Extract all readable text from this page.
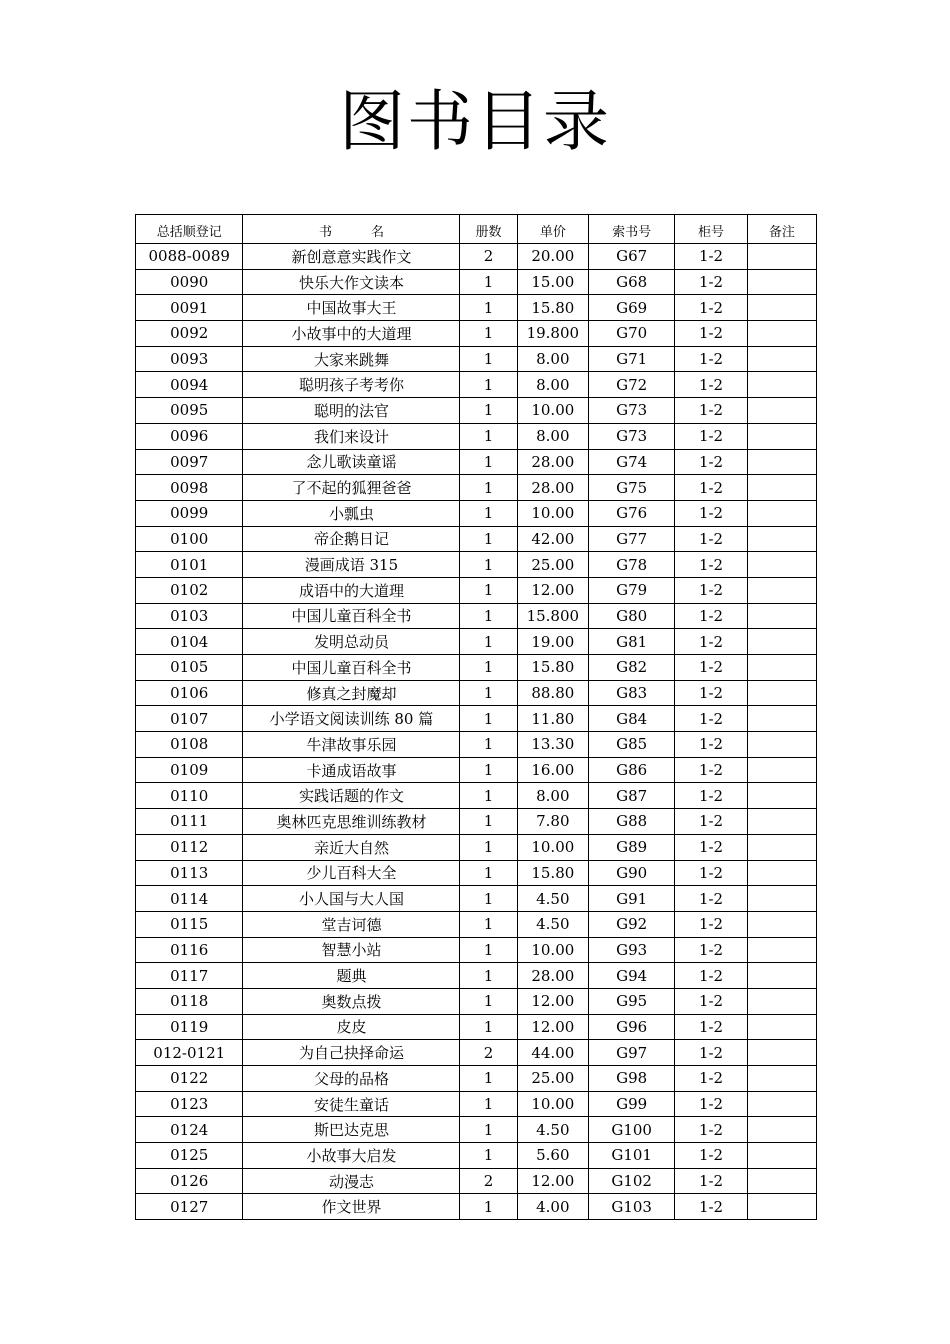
图书目录
总括顺登记	书　　　名	册数	单价	索书号	柜号	备注
0088-0089	新创意意实践作文	2	20.00	G67	1-2	
0090	快乐大作文读本	1	15.00	G68	1-2	
0091	中国故事大王	1	15.80	G69	1-2	
0092	小故事中的大道理	1	19.800	G70	1-2	
0093	大家来跳舞	1	8.00	G71	1-2	
0094	聪明孩子考考你	1	8.00	G72	1-2	
0095	聪明的法官	1	10.00	G73	1-2	
0096	我们来设计	1	8.00	G73	1-2	
0097	念儿歌读童谣	1	28.00	G74	1-2	
0098	了不起的狐狸爸爸	1	28.00	G75	1-2	
0099	小瓢虫	1	10.00	G76	1-2	
0100	帝企鹅日记	1	42.00	G77	1-2	
0101	漫画成语 315	1	25.00	G78	1-2	
0102	成语中的大道理	1	12.00	G79	1-2	
0103	中国儿童百科全书	1	15.800	G80	1-2	
0104	发明总动员	1	19.00	G81	1-2	
0105	中国儿童百科全书	1	15.80	G82	1-2	
0106	修真之封魔却	1	88.80	G83	1-2	
0107	小学语文阅读训练 80 篇	1	11.80	G84	1-2	
0108	牛津故事乐园	1	13.30	G85	1-2	
0109	卡通成语故事	1	16.00	G86	1-2	
0110	实践话题的作文	1	8.00	G87	1-2	
0111	奥林匹克思维训练教材	1	7.80	G88	1-2	
0112	亲近大自然	1	10.00	G89	1-2	
0113	少儿百科大全	1	15.80	G90	1-2	
0114	小人国与大人国	1	4.50	G91	1-2	
0115	堂吉诃德	1	4.50	G92	1-2	
0116	智慧小站	1	10.00	G93	1-2	
0117	题典	1	28.00	G94	1-2	
0118	奥数点拨	1	12.00	G95	1-2	
0119	皮皮	1	12.00	G96	1-2	
012-0121	为自己抉择命运	2	44.00	G97	1-2	
0122	父母的品格	1	25.00	G98	1-2	
0123	安徒生童话	1	10.00	G99	1-2	
0124	斯巴达克思	1	4.50	G100	1-2	
0125	小故事大启发	1	5.60	G101	1-2	
0126	动漫志	2	12.00	G102	1-2	
0127	作文世界	1	4.00	G103	1-2	
